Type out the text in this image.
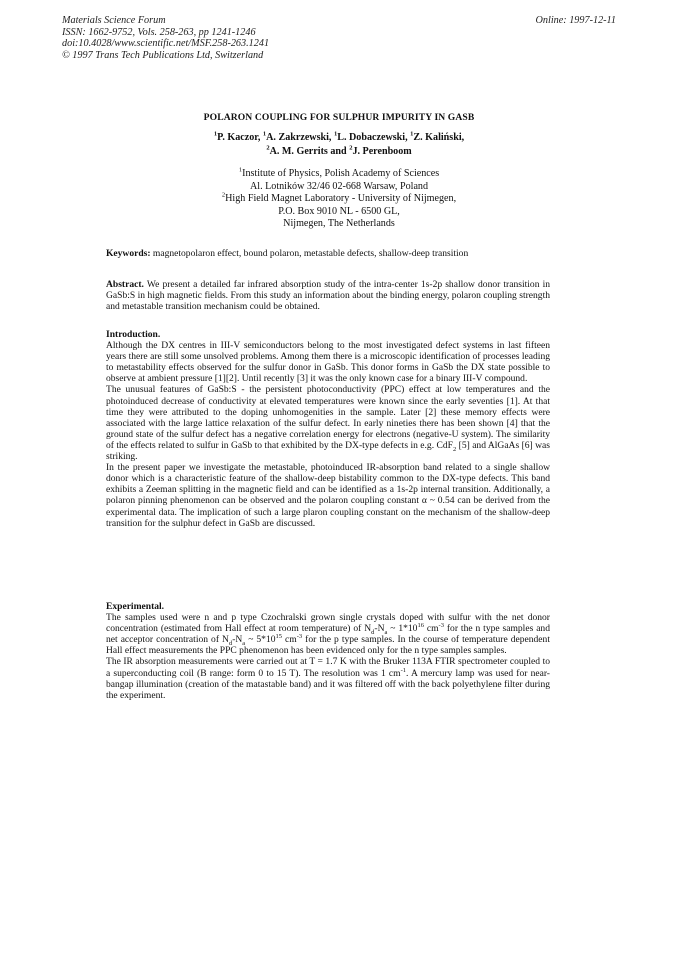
Materials Science Forum
ISSN: 1662-9752, Vols. 258-263, pp 1241-1246
doi:10.4028/www.scientific.net/MSF.258-263.1241
© 1997 Trans Tech Publications Ltd, Switzerland
Online: 1997-12-11
POLARON COUPLING FOR SULPHUR IMPURITY IN GASB
$^1$P. Kaczor, $^1$A. Zakrzewski, $^1$L. Dobaczewski, $^1$Z. Kaliński,
$^2$A. M. Gerrits and $^2$J. Perenboom
$^1$Institute of Physics, Polish Academy of Sciences
Al. Lotników 32/46 02-668 Warsaw, Poland
$^2$High Field Magnet Laboratory - University of Nijmegen,
P.O. Box 9010 NL - 6500 GL,
Nijmegen, The Netherlands
Keywords: magnetopolaron effect, bound polaron, metastable defects, shallow-deep transition
Abstract. We present a detailed far infrared absorption study of the intra-center 1s-2p shallow donor transition in GaSb:S in high magnetic fields. From this study an information about the binding energy, polaron coupling strength and metastable transition mechanism could be obtained.
Introduction.

Although the DX centres in III-V semiconductors belong to the most investigated defect systems in last fifteen years there are still some unsolved problems. Among them there is a microscopic identification of processes leading to metastability effects observed for the sulfur donor in GaSb. This donor forms in GaSb the DX state possible to observe at ambient pressure [1][2]. Until recently [3] it was the only known case for a binary III-V compound.

The unusual features of GaSb:S - the persistent photoconductivity (PPC) effect at low temperatures and the photoinduced decrease of conductivity at elevated temperatures were known since the early seventies [1]. At that time they were attributed to the doping unhomogenities in the sample. Later [2] these memory effects were associated with the large lattice relaxation of the sulfur defect. In early nineties there has been shown [4] that the ground state of the sulfur defect has a negative correlation energy for electrons (negative-U system). The similarity of the effects related to sulfur in GaSb to that exhibited by the DX-type defects in e.g. CdF$_2$ [5] and AlGaAs [6] was striking.

In the present paper we investigate the metastable, photoinduced IR-absorption band related to a single shallow donor which is a characteristic feature of the shallow-deep bistability common to the DX-type defects. This band exhibits a Zeeman splitting in the magnetic field and can be identified as a 1s-2p internal transition. Additionally, a polaron pinning phenomenon can be observed and the polaron coupling constant α ~ 0.54 can be derived from the experimental data. The implication of such a large plaron coupling constant on the mechanism of the shallow-deep transition for the sulphur defect in GaSb are discussed.

Experimental.

The samples used were n and p type Czochralski grown single crystals doped with sulfur with the net donor concentration (estimated from Hall effect at room temperature) of $N_d-N_a$ ~ $1*10^{16}$ $cm^{-3}$ for the n type samples and net acceptor concentration of $N_d-N_a$ ~ $5*10^{15}$ $cm^{-3}$ for the p type samples. In the course of temperature dependent Hall effect measurements the PPC phenomenon has been evidenced only for the n type samples samples.

The IR absorption measurements were carried out at T = 1.7 K with the Bruker 113A FTIR spectrometer coupled to a superconducting coil (B range: form 0 to 15 T). The resolution was 1 $cm^{-1}$. A mercury lamp was used for near-bangap illumination (creation of the matastable band) and it was filtered off with the back polyethylene filter during the experiment.
